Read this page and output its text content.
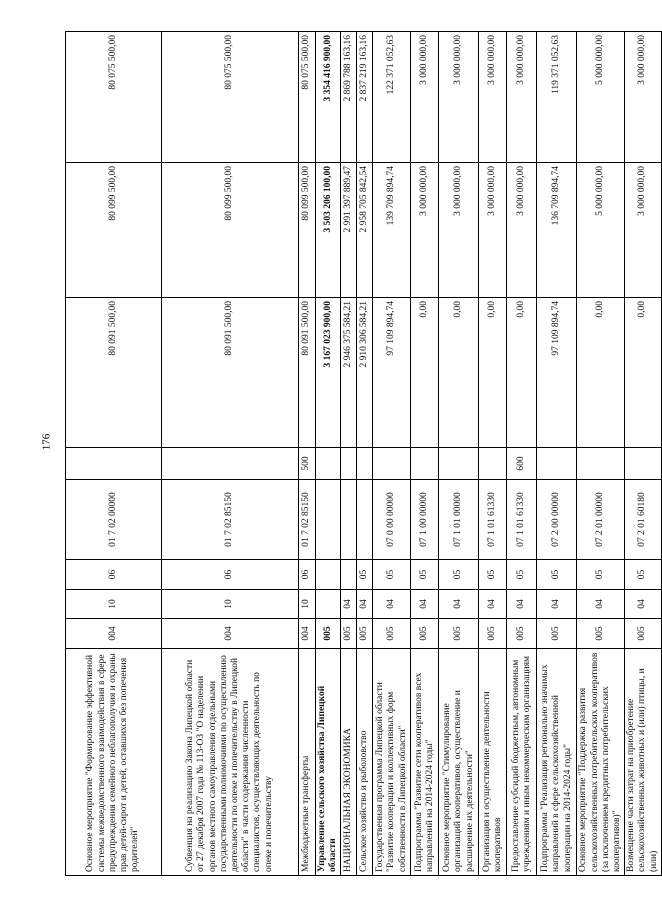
176
Основное мероприятие "Формирование эффективной системы межведомственного взаимодействия в сфере предупреждения семейного неблагополучия и охраны прав детей-сирот и детей, оставшихся без попечения родителей"	004	10	06	01 7 02 00000		80 091 500,00	80 099 500,00	80 075 500,00
Субвенция на реализацию Закона Липецкой области от 27 декабря 2007 года № 113-ОЗ "О наделении органов местного самоуправления отдельными государственными полномочиями по осуществлению деятельности по опеке и попечительству в Липецкой области" в части содержания численности специалистов, осуществляющих деятельность по опеке и попечительству	004	10	06	01 7 02 85150		80 091 500,00	80 099 500,00	80 075 500,00
Межбюджетные трансферты	004	10	06	01 7 02 85150	500	80 091 500,00	80 099 500,00	80 075 500,00
Управление сельского хозяйства Липецкой области	005					3 167 023 900,00	3 503 206 100,00	3 354 416 900,00
НАЦИОНАЛЬНАЯ ЭКОНОМИКА	005	04				2 946 375 584,21	2 991 397 889,47	2 869 788 163,16
Сельское хозяйство и рыболовство	005	04	05			2 910 306 584,21	2 958 705 842,54	2 837 219 163,16
Государственная программа Липецкой области "Развитие кооперации и коллективных форм собственности в Липецкой области"	005	04	05	07 0 00 00000		97 109 894,74	139 709 894,74	122 371 052,63
Подпрограмма "Развитие сети кооперативов всех направлений на 2014-2024 годы"	005	04	05	07 1 00 00000		0,00	3 000 000,00	3 000 000,00
Основное мероприятие "Стимулирование организаций кооперативов, осуществление и расширение их деятельности"	005	04	05	07 1 01 00000		0,00	3 000 000,00	3 000 000,00
Организация и осуществление деятельности кооперативов	005	04	05	07 1 01 61330		0,00	3 000 000,00	3 000 000,00
Предоставление субсидий бюджетным, автономным учреждениям и иным некоммерческим организациям	005	04	05	07 1 01 61330	600	0,00	3 000 000,00	3 000 000,00
Подпрограмма "Реализация регионально значимых направлений в сфере сельскохозяйственной кооперации на 2014-2024 годы"	005	04	05	07 2 00 00000		97 109 894,74	136 709 894,74	119 371 052,63
Основное мероприятие "Поддержка развития сельскохозяйственных потребительских кооперативов (за исключением кредитных потребительских кооперативов)"	005	04	05	07 2 01 00000		0,00	5 000 000,00	5 000 000,00
Возмещение части затрат на приобретение сельскохозяйственных животных и (или) птицы, и (или)	005	04	05	07 2 01 60180		0,00	3 000 000,00	3 000 000,00
